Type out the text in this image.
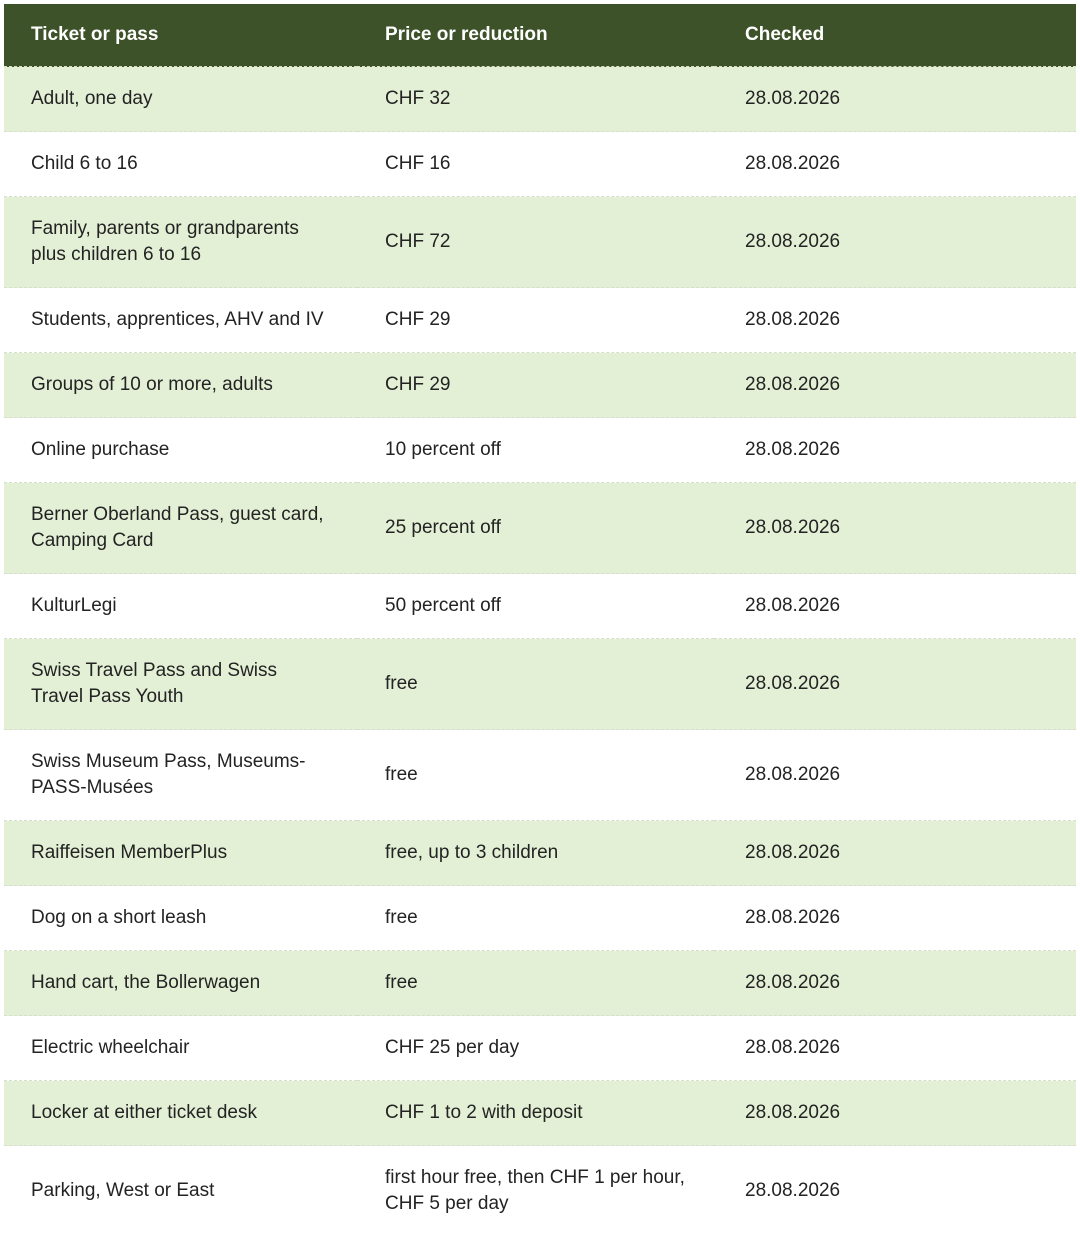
Ticket or pass	Price or reduction	Checked
Adult, one day	CHF 32	28.08.2026
Child 6 to 16	CHF 16	28.08.2026
Family, parents or grandparents plus children 6 to 16	CHF 72	28.08.2026
Students, apprentices, AHV and IV	CHF 29	28.08.2026
Groups of 10 or more, adults	CHF 29	28.08.2026
Online purchase	10 percent off	28.08.2026
Berner Oberland Pass, guest card, Camping Card	25 percent off	28.08.2026
KulturLegi	50 percent off	28.08.2026
Swiss Travel Pass and Swiss Travel Pass Youth	free	28.08.2026
Swiss Museum Pass, Museums-PASS-Musées	free	28.08.2026
Raiffeisen MemberPlus	free, up to 3 children	28.08.2026
Dog on a short leash	free	28.08.2026
Hand cart, the Bollerwagen	free	28.08.2026
Electric wheelchair	CHF 25 per day	28.08.2026
Locker at either ticket desk	CHF 1 to 2 with deposit	28.08.2026
Parking, West or East	first hour free, then CHF 1 per hour, CHF 5 per day	28.08.2026
